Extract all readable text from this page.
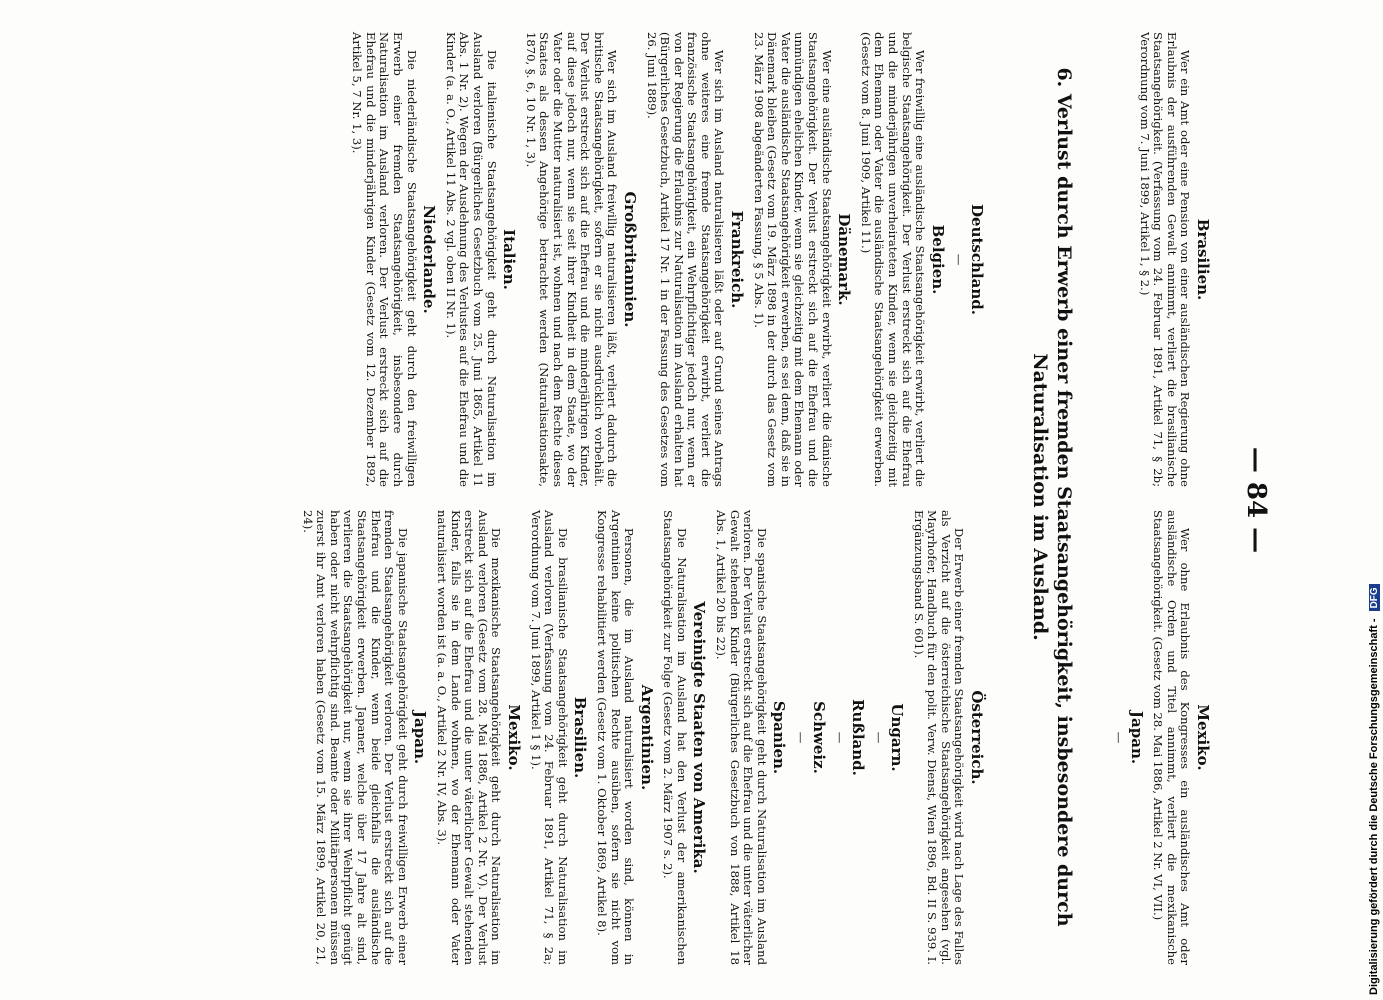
— 84 —
Brasilien.

Wer ein Amt oder eine Pension von einer ausländischen Regierung ohne Erlaubnis der ausführenden Gewalt annimmt, verliert die brasilianische Staatsangehörigkeit. (Verfassung vom 24. Februar 1891, Artikel 71, § 2b; Verordnung vom 7. Juni 1899, Artikel 1, § 2.)

Mexiko.

Wer ohne Erlaubnis des Kongresses ein ausländisches Amt oder ausländische Orden und Titel annimmt, verliert die mexikanische Staatsangehörigkeit. (Gesetz vom 28. Mai 1886, Artikel 2 Nr. VI, VII.)

Japan.
—
6. Verlust durch Erwerb einer fremden Staatsangehörigkeit, insbesondere durch Naturalisation im Ausland.
Deutschland.
—
Belgien.

Wer freiwillig eine ausländische Staatsangehörigkeit erwirbt, verliert die belgische Staatsangehörigkeit. Der Verlust erstreckt sich auf die Ehefrau und die minderjährigen unverheirateten Kinder, wenn sie gleichzeitig mit dem Ehemann oder Vater die ausländische Staatsangehörigkeit erwerben. (Gesetz vom 8. Juni 1909, Artikel 11.)

Dänemark.

Wer eine ausländische Staatsangehörigkeit erwirbt, verliert die dänische Staatsangehörigkeit. Der Verlust erstreckt sich auf die Ehefrau und die unmündigen ehelichen Kinder, wenn sie gleichzeitig mit dem Ehemann oder Vater die ausländische Staatsangehörigkeit erwerben, es sei denn, daß sie in Dänemark bleiben (Gesetz vom 19. März 1898 in der durch das Gesetz vom 23. März 1908 abgeänderten Fassung, § 5 Abs. 1).

Frankreich.

Wer sich im Ausland naturalisieren läßt oder auf Grund seines Antrags ohne weiteres eine fremde Staatsangehörigkeit erwirbt, verliert die französische Staatsangehörigkeit, ein Wehrpflichtiger jedoch nur, wenn er von der Regierung die Erlaubnis zur Naturalisation im Ausland erhalten hat (Bürgerliches Gesetzbuch, Artikel 17 Nr. 1 in der Fassung des Gesetzes vom 26. Juni 1889).

Großbritannien.

Wer sich im Ausland freiwillig naturalisieren läßt, verliert dadurch die britische Staatsangehörigkeit, sofern er sie nicht ausdrücklich vorbehält. Der Verlust erstreckt sich auf die Ehefrau und die minderjährigen Kinder, auf diese jedoch nur, wenn sie seit ihrer Kindheit in dem Staate, wo der Vater oder die Mutter naturalisiert ist, wohnen und nach dem Rechte dieses Staates als dessen Angehörige betrachtet werden (Naturalisationsakte, 1870, §. 6, 10 Nr. 1, 3).

Italien.

Die italienische Staatsangehörigkeit geht durch Naturalisation im Ausland verloren (Bürgerliches Gesetzbuch vom 25. Juni 1865, Artikel 11 Abs. 1 Nr. 2). Wegen der Ausdehnung des Verlustes auf die Ehefrau und die Kinder (a. a. O., Artikel 11 Abs. 2 vgl. oben II Nr. 1).

Niederlande.

Die niederländische Staatsangehörigkeit geht durch den freiwilligen Erwerb einer fremden Staatsangehörigkeit, insbesondere durch Naturalisation im Ausland verloren. Der Verlust erstreckt sich auf die Ehefrau und die minderjährigen Kinder (Gesetz vom 12. Dezember 1892, Artikel 5, 7 Nr. 1, 3).

Österreich.

Der Erwerb einer fremden Staatsangehörigkeit wird nach Lage des Falles als Verzicht auf die österreichische Staatsangehörigkeit angesehen (vgl. Mayrhofer, Handbuch für den polit. Verw. Dienst, Wien 1896, Bd. II S. 939. I. Ergänzungsband S. 601).

Ungarn.
—
Rußland.
—
Schweiz.
—
Spanien.

Die spanische Staatsangehörigkeit geht durch Naturalisation im Ausland verloren. Der Verlust erstreckt sich auf die Ehefrau und die unter väterlicher Gewalt stehenden Kinder (Bürgerliches Gesetzbuch von 1888, Artikel 18 Abs. 1, Artikel 20 bis 22).

Vereinigte Staaten von Amerika.

Die Naturalisation im Ausland hat den Verlust der amerikanischen Staatsangehörigkeit zur Folge (Gesetz vom 2. März 1907 s. 2).

Argentinien.

Personen, die im Ausland naturalisiert worden sind, können in Argentinien keine politischen Rechte ausüben, sofern sie nicht vom Kongresse rehabilitiert werden (Gesetz vom 1. Oktober 1869, Artikel 8).

Brasilien.

Die brasilianische Staatsangehörigkeit geht durch Naturalisation im Ausland verloren (Verfassung vom 24. Februar 1891, Artikel 71, § 2a; Verordnung vom 7. Juni 1899, Artikel 1 § 1).

Mexiko.

Die mexikanische Staatsangehörigkeit geht durch Naturalisation im Ausland verloren (Gesetz vom 28. Mai 1886, Artikel 2 Nr. V). Der Verlust erstreckt sich auf die Ehefrau und die unter väterlicher Gewalt stehenden Kinder, falls sie in dem Lande wohnen, wo der Ehemann oder Vater naturalisiert worden ist (a. a. O., Artikel 2 Nr. IV, Abs. 3).

Japan.

Die japanische Staatsangehörigkeit geht durch freiwilligen Erwerb einer fremden Staatsangehörigkeit verloren. Der Verlust erstreckt sich auf die Ehefrau und die Kinder, wenn beide gleichfalls die ausländische Staatsangehörigkeit erwerben. Japaner, welche über 17 Jahre alt sind, verlieren die Staatsangehörigkeit nur, wenn sie ihrer Wehrpflicht genügt haben oder nicht wehrpflichtig sind. Beamte oder Militärpersonen müssen zuerst ihr Amt verloren haben (Gesetz vom 15. März 1899, Artikel 20, 21, 24).

Digitalisierung gefördert durch die Deutsche Forschungsgemeinschaft - DFG
